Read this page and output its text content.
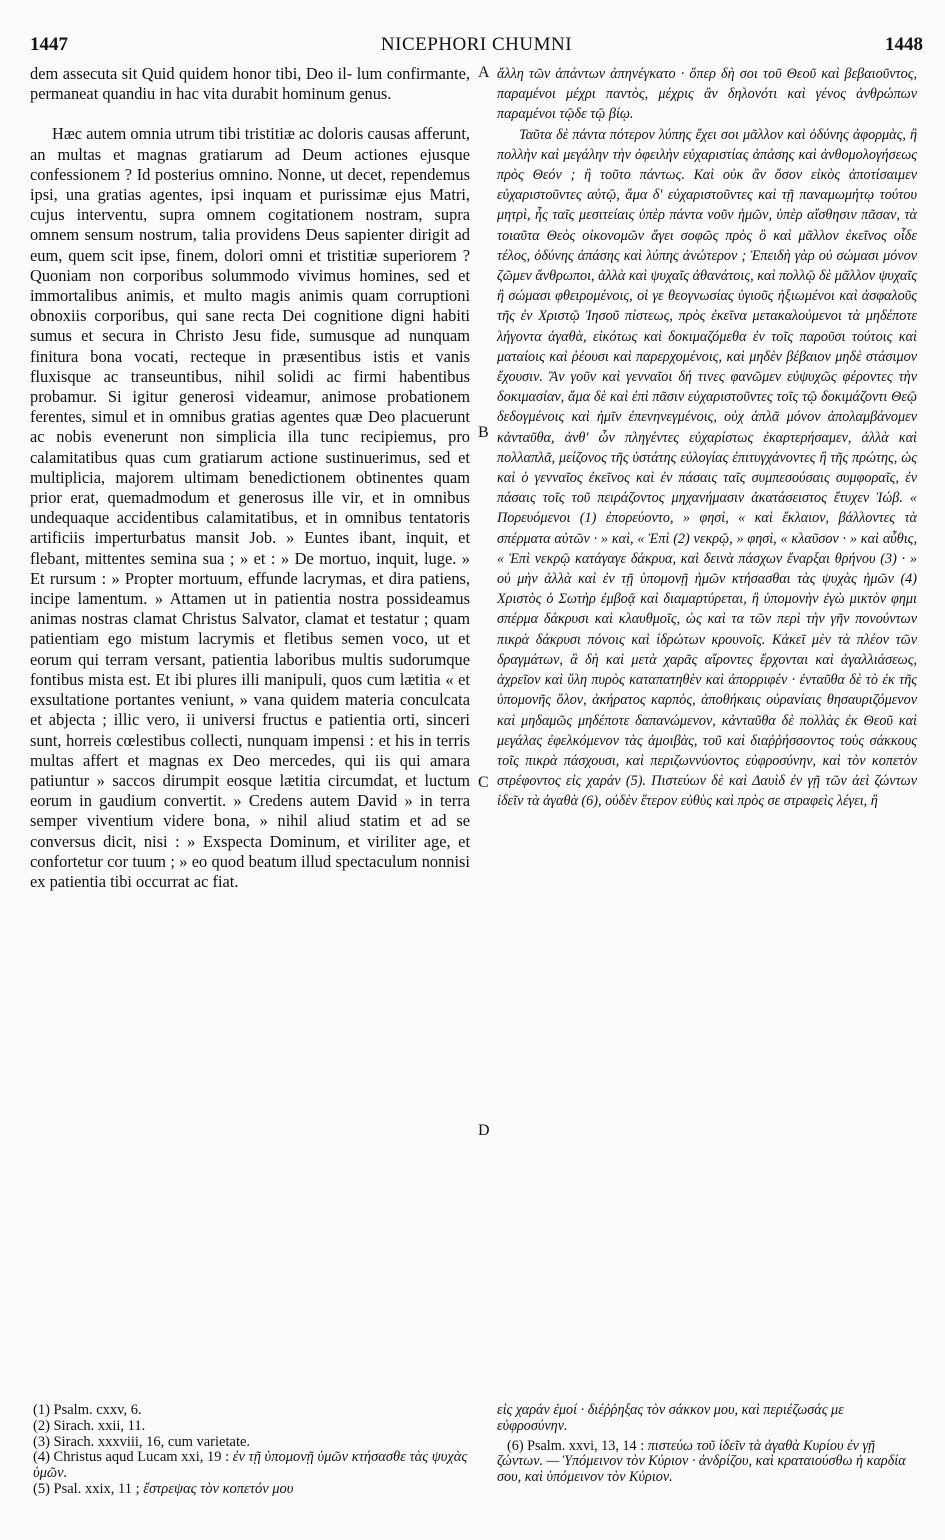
1447	NICEPHORI CHUMNI	1448

dem assecuta sit Quid quidem honor tibi, Deo il- lum confirmante, permaneat quandiu in hac vita durabit hominum genus.

Hæc autem omnia utrum tibi tristitiæ ac doloris causas afferunt, an multas et magnas gratiarum ad Deum actiones ejusque confessionem ? Id posterius omnino. Nonne, ut decet, rependemus ipsi, una gratias agentes, ipsi inquam et purissimæ ejus Matri, cujus interventu, supra omnem cogitationem nostram, supra omnem sensum nostrum, talia providens Deus sapienter dirigit ad eum, quem scit ipse, finem, dolori omni et tristitiæ superiorem ? Quoniam non corporibus solummodo vivimus homines, sed et immortalibus animis, et multo magis animis quam corruptioni obnoxiis corporibus, qui sane recta Dei cognitione digni habiti sumus et secura in Christo Jesu fide, sumusque ad nunquam finitura bona vocati, recteque in præsentibus istis et vanis fluxisque ac transeuntibus, nihil solidi ac firmi habentibus probamur. Si igitur generosi videamur, animose probationem ferentes, simul et in omnibus gratias agentes quæ Deo placuerunt ac nobis evenerunt non simplicia illa tunc recipiemus, pro calamitatibus quas cum gratiarum actione sustinuerimus, sed et multiplicia, majorem ultimam benedictionem obtinentes quam prior erat, quemadmodum et generosus ille vir, et in omnibus undequaque accidentibus calamitatibus, et in omnibus tentatoris artificiis imperturbatus mansit Job. » Euntes ibant, inquit, et flebant, mittentes semina sua ; » et : » De mortuo, inquit, luge. » Et rursum : » Propter mortuum, effunde lacrymas, et dira patiens, incipe lamentum. » Attamen ut in patientia nostra possideamus animas nostras clamat Christus Salvator, clamat et testatur ; quam patientiam ego mistum lacrymis et fletibus semen voco, ut et eorum qui terram versant, patientia laboribus multis sudorumque fontibus mista est. Et ibi plures illi manipuli, quos cum lætitia « et exsultatione portantes veniunt, » vana quidem materia conculcata et abjecta ; illic vero, ii universi fructus e patientia orti, sinceri sunt, horreis cœlestibus collecti, nunquam impensi : et his in terris multas affert et magnas ex Deo mercedes, qui iis qui amara patiuntur » saccos dirumpit eosque lætitia circumdat, et luctum eorum in gaudium convertit. » Credens autem David » in terra semper viventium videre bona, » nihil aliud statim et ad se conversus dicit, nisi : » Exspecta Dominum, et viriliter age, et confortetur cor tuum ; » eo quod beatum illud spectaculum nonnisi ex patientia tibi occurrat ac fiat.

A
B
C
D

ἄλλη τῶν ἁπάντων ἀπηνέγκατο · ὅπερ δὴ σοι τοῦ Θεοῦ καὶ βεβαιοῦντος, παραμένοι μέχρι παντὸς, μέχρις ἂν δηλονότι καὶ γένος ἀνθρώπων παραμένοι τῷδε τῷ βίῳ.

Ταῦτα δὲ πάντα πότερον λύπης ἔχει σοι μᾶλλον καὶ ὀδύνης ἀφορμὰς, ἢ πολλὴν καὶ μεγάλην τὴν ὀφειλὴν εὐχαριστίας ἁπάσης καὶ ἀνθομολογήσεως πρὸς Θεόν ; ἢ τοῦτο πάντως. Καὶ οὐκ ἂν ὅσον εἰκὸς ἀποτίσαιμεν εὐχαριστοῦντες αὐτῷ, ἅμα δ' εὐχαριστοῦντες καὶ τῇ παναμωμήτῳ τούτου μητρὶ, ἧς ταῖς μεσιτείαις ὑπὲρ πάντα νοῦν ἡμῶν, ὑπὲρ αἴσθησιν πᾶσαν, τὰ τοιαῦτα Θεὸς οἰκονομῶν ἄγει σοφῶς πρὸς ὃ καὶ μᾶλλον ἐκεῖνος οἶδε τέλος, ὀδύνης ἁπάσης καὶ λύπης ἀνώτερον ; Ἐπειδὴ γὰρ οὐ σώμασι μόνον ζῶμεν ἄνθρωποι, ἀλλὰ καὶ ψυχαῖς ἀθανάτοις, καὶ πολλῷ δὲ μᾶλλον ψυχαῖς ἢ σώμασι φθειρομένοις, οἱ γε θεογνωσίας ὑγιοῦς ἠξιωμένοι καὶ ἀσφαλοῦς τῆς ἐν Χριστῷ Ἰησοῦ πίστεως, πρὸς ἐκεῖνα μετακαλούμενοι τὰ μηδέποτε λήγοντα ἀγαθὰ, εἰκότως καὶ δοκιμαζόμεθα ἐν τοῖς παροῦσι τούτοις καὶ ματαίοις καὶ ῥέουσι καὶ παρερχομένοις, καὶ μηδὲν βέβαιον μηδὲ στάσιμον ἔχουσιν. Ἂν γοῦν καὶ γενναῖοι δή τινες φανῶμεν εὐψυχῶς φέροντες τὴν δοκιμασίαν, ἅμα δὲ καὶ ἐπὶ πᾶσιν εὐχαριστοῦντες τοῖς τῷ δοκιμάζοντι Θεῷ δεδογμένοις καὶ ἡμῖν ἐπενηνεγμένοις, οὐχ ἁπλᾶ μόνον ἀπολαμβάνομεν κἀνταῦθα, ἀνθ' ὧν πληγέντες εὐχαρίστως ἐκαρτερήσαμεν, ἀλλὰ καὶ πολλαπλᾶ, μείζονος τῆς ὑστάτης εὐλογίας ἐπιτυγχάνοντες ἢ τῆς πρώτης, ὡς καὶ ὁ γενναῖος ἐκεῖνος καὶ ἐν πάσαις ταῖς συμπεσούσαις συμφοραῖς, ἐν πάσαις τοῖς τοῦ πειράζοντος μηχανήμασιν ἀκατάσειστος ἔτυχεν Ἰώβ. « Πορευόμενοι (1) ἐπορεύοντο, » φησὶ, « καὶ ἔκλαιον, βάλλοντες τὰ σπέρματα αὐτῶν · » καὶ, « Ἐπὶ (2) νεκρῷ, » φησὶ, « κλαῦσον · » καὶ αὖθις, « Ἐπὶ νεκρῷ κατάγαγε δάκρυα, καὶ δεινὰ πάσχων ἔναρξαι θρήνου (3) · » οὐ μὴν ἀλλὰ καὶ ἐν τῇ ὑπομονῇ ἡμῶν κτήσασθαι τὰς ψυχὰς ἡμῶν (4) Χριστὸς ὁ Σωτὴρ ἐμβοᾷ καὶ διαμαρτύρεται, ἣ ὑπομονὴν ἐγὼ μικτὸν φημι σπέρμα δάκρυσι καὶ κλαυθμοῖς, ὡς καὶ τα τῶν περὶ τὴν γῆν πονούντων πικρὰ δάκρυσι πόνοις καὶ ἱδρώτων κρουνοῖς. Κἀκεῖ μὲν τὰ πλέον τῶν δραγμάτων, ἃ δὴ καὶ μετὰ χαρᾶς αἴροντες ἔρχονται καὶ ἀγαλλιάσεως, ἀχρεῖον καὶ ὕλη πυρὸς καταπατηθὲν καὶ ἀπορριφέν · ἐνταῦθα δὲ τὸ ἐκ τῆς ὑπομονῆς ὅλον, ἀκήρατος καρπὸς, ἀποθήκαις οὐρανίαις θησαυριζόμενον καὶ μηδαμῶς μηδέποτε δαπανώμενον, κἀνταῦθα δὲ πολλὰς ἐκ Θεοῦ καὶ μεγάλας ἐφελκόμενον τὰς ἀμοιβὰς, τοῦ καὶ διαῤῥήσσοντος τοὺς σάκκους τοῖς πικρὰ πάσχουσι, καὶ περιζωννύοντος εὐφροσύνην, καὶ τὸν κοπετὸν στρέφοντος εἰς χαράν (5). Πιστεύων δὲ καὶ Δαυὶδ ἐν γῇ τῶν ἀεὶ ζώντων ἰδεῖν τὰ ἀγαθὰ (6), οὐδὲν ἕτερον εὐθὺς καὶ πρὸς σε στραφεὶς λέγει, ἢ

(1) Psalm. cxxv, 6.
(2) Sirach. xxii, 11.
(3) Sirach. xxxviii, 16, cum varietate.
(4) Christus aqud Lucam xxi, 19 : ἐν τῇ ὑπομονῇ ὑμῶν κτήσασθε τὰς ψυχὰς ὑμῶν.
(5) Psal. xxix, 11 ; ἔστρεψας τὸν κοπετόν μου
εἰς χαράν ἐμοί · διέῤῥηξας τὸν σάκκον μου, καὶ περιέζωσάς με εὐφροσύνην.
(6) Psalm. xxvi, 13, 14 : πιστεύω τοῦ ἰδεῖν τὰ ἀγαθὰ Κυρίου ἐν γῇ ζώντων. — Ὑπόμεινον τὸν Κύριον · ἀνδρίζου, καὶ κραταιούσθω ἡ καρδία σου, καὶ ὑπόμεινον τὸν Κύριον.
